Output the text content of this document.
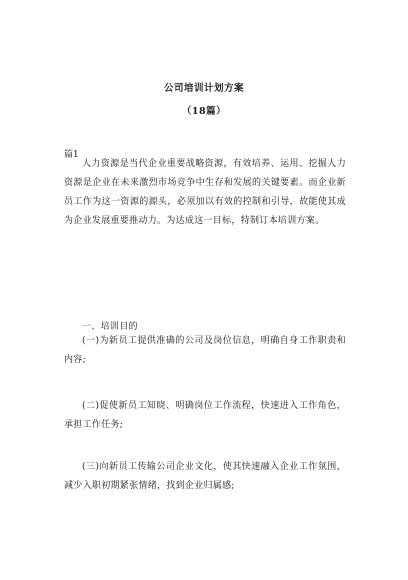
公司培训计划方案
（18篇）
篇1

人力资源是当代企业重要战略资源，有效培养、运用、挖掘人力资源是企业在未来激烈市场竞争中生存和发展的关键要素。而企业新员工作为这一资源的源头，必须加以有效的控制和引导，故能使其成为企业发展重要推动力。为达成这一目标，特制订本培训方案。

一、培训目的

(一)为新员工提供准确的公司及岗位信息，明确自身工作职责和内容;

(二)促使新员工知晓、明确岗位工作流程，快速进入工作角色，承担工作任务;

(三)向新员工传输公司企业文化，使其快速融入企业工作氛围，减少入职初期紧张情绪，找到企业归属感;
